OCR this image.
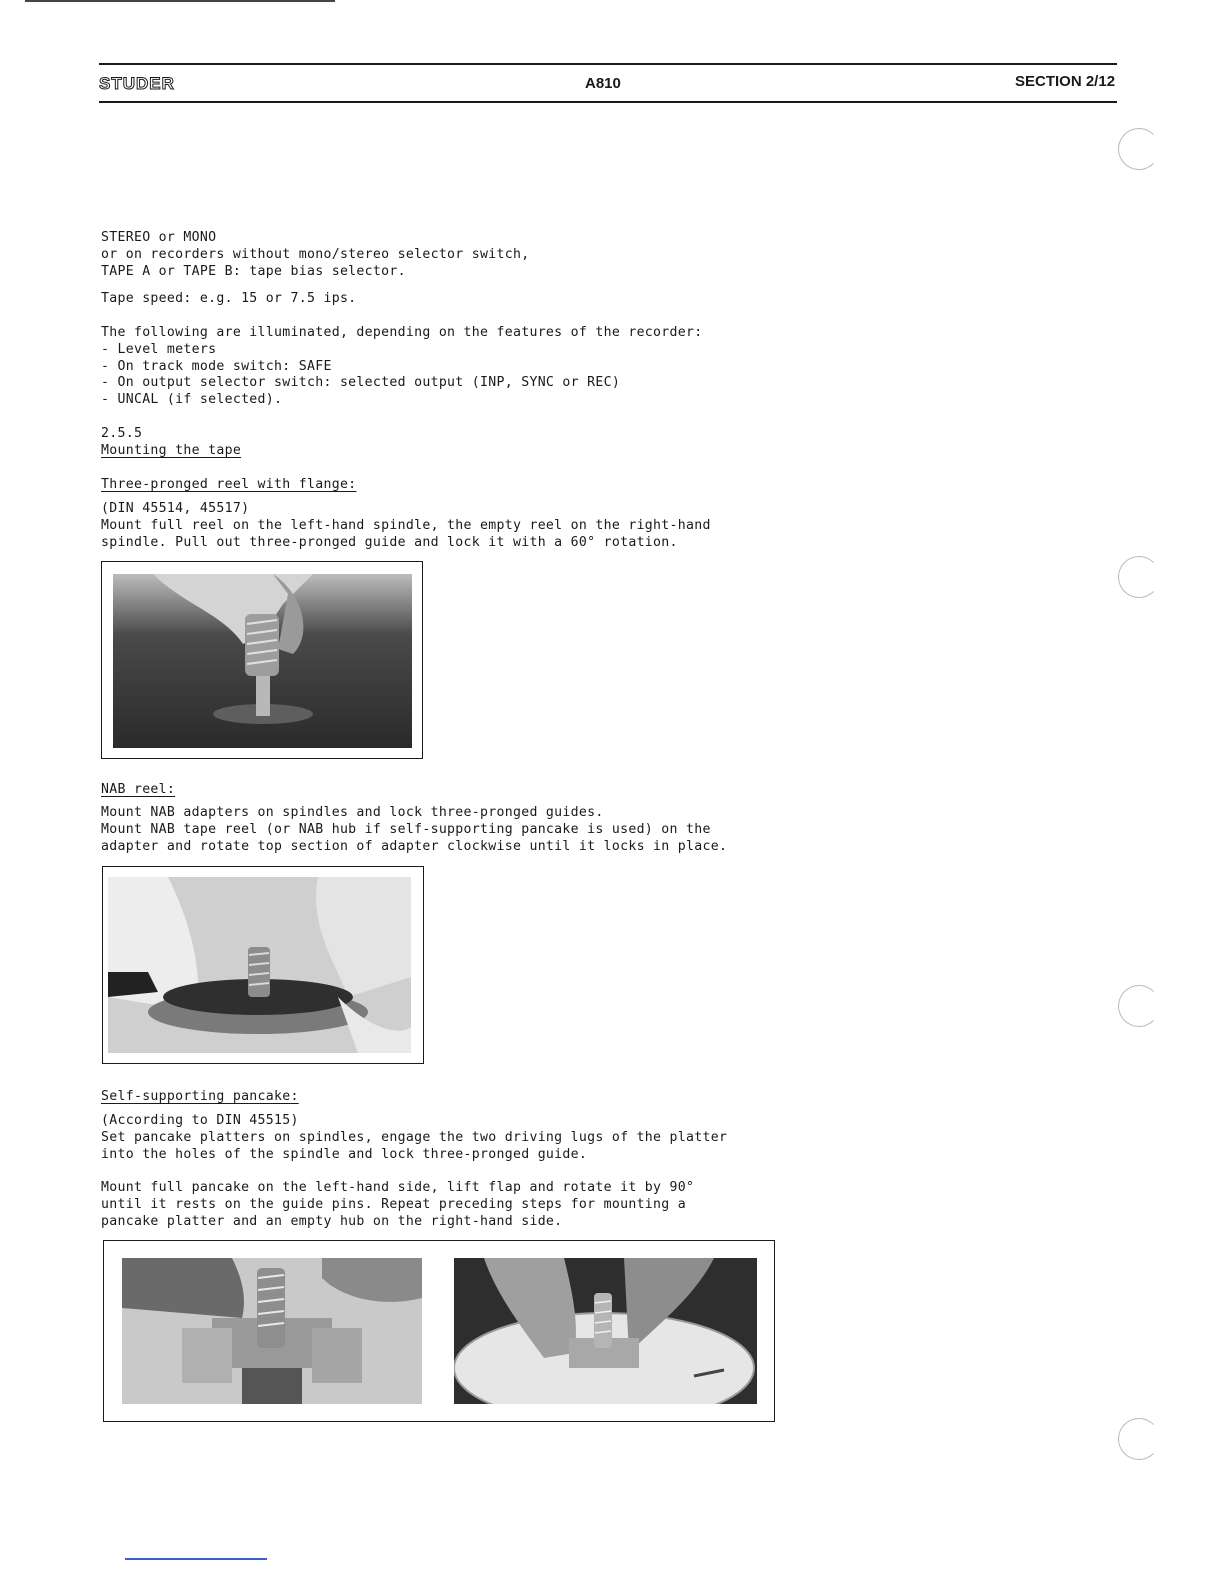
STUDER	A810	SECTION 2/12
STEREO or MONO
or on recorders without mono/stereo selector switch,
TAPE A or TAPE B: tape bias selector.
Tape speed: e.g. 15 or 7.5 ips.
The following are illuminated, depending on the features of the recorder:
- Level meters
- On track mode switch: SAFE
- On output selector switch: selected output (INP, SYNC or REC)
- UNCAL (if selected).
2.5.5
Mounting the tape
Three-pronged reel with flange:
(DIN 45514, 45517)
Mount full reel on the left-hand spindle, the empty reel on the right-hand
spindle. Pull out three-pronged guide and lock it with a 60° rotation.
NAB reel:
Mount NAB adapters on spindles and lock three-pronged guides.
Mount NAB tape reel (or NAB hub if self-supporting pancake is used) on the
adapter and rotate top section of adapter clockwise until it locks in place.
Self-supporting pancake:
(According to DIN 45515)
Set pancake platters on spindles, engage the two driving lugs of the platter
into the holes of the spindle and lock three-pronged guide.
Mount full pancake on the left-hand side, lift flap and rotate it by 90°
until it rests on the guide pins. Repeat preceding steps for mounting a
pancake platter and an empty hub on the right-hand side.
